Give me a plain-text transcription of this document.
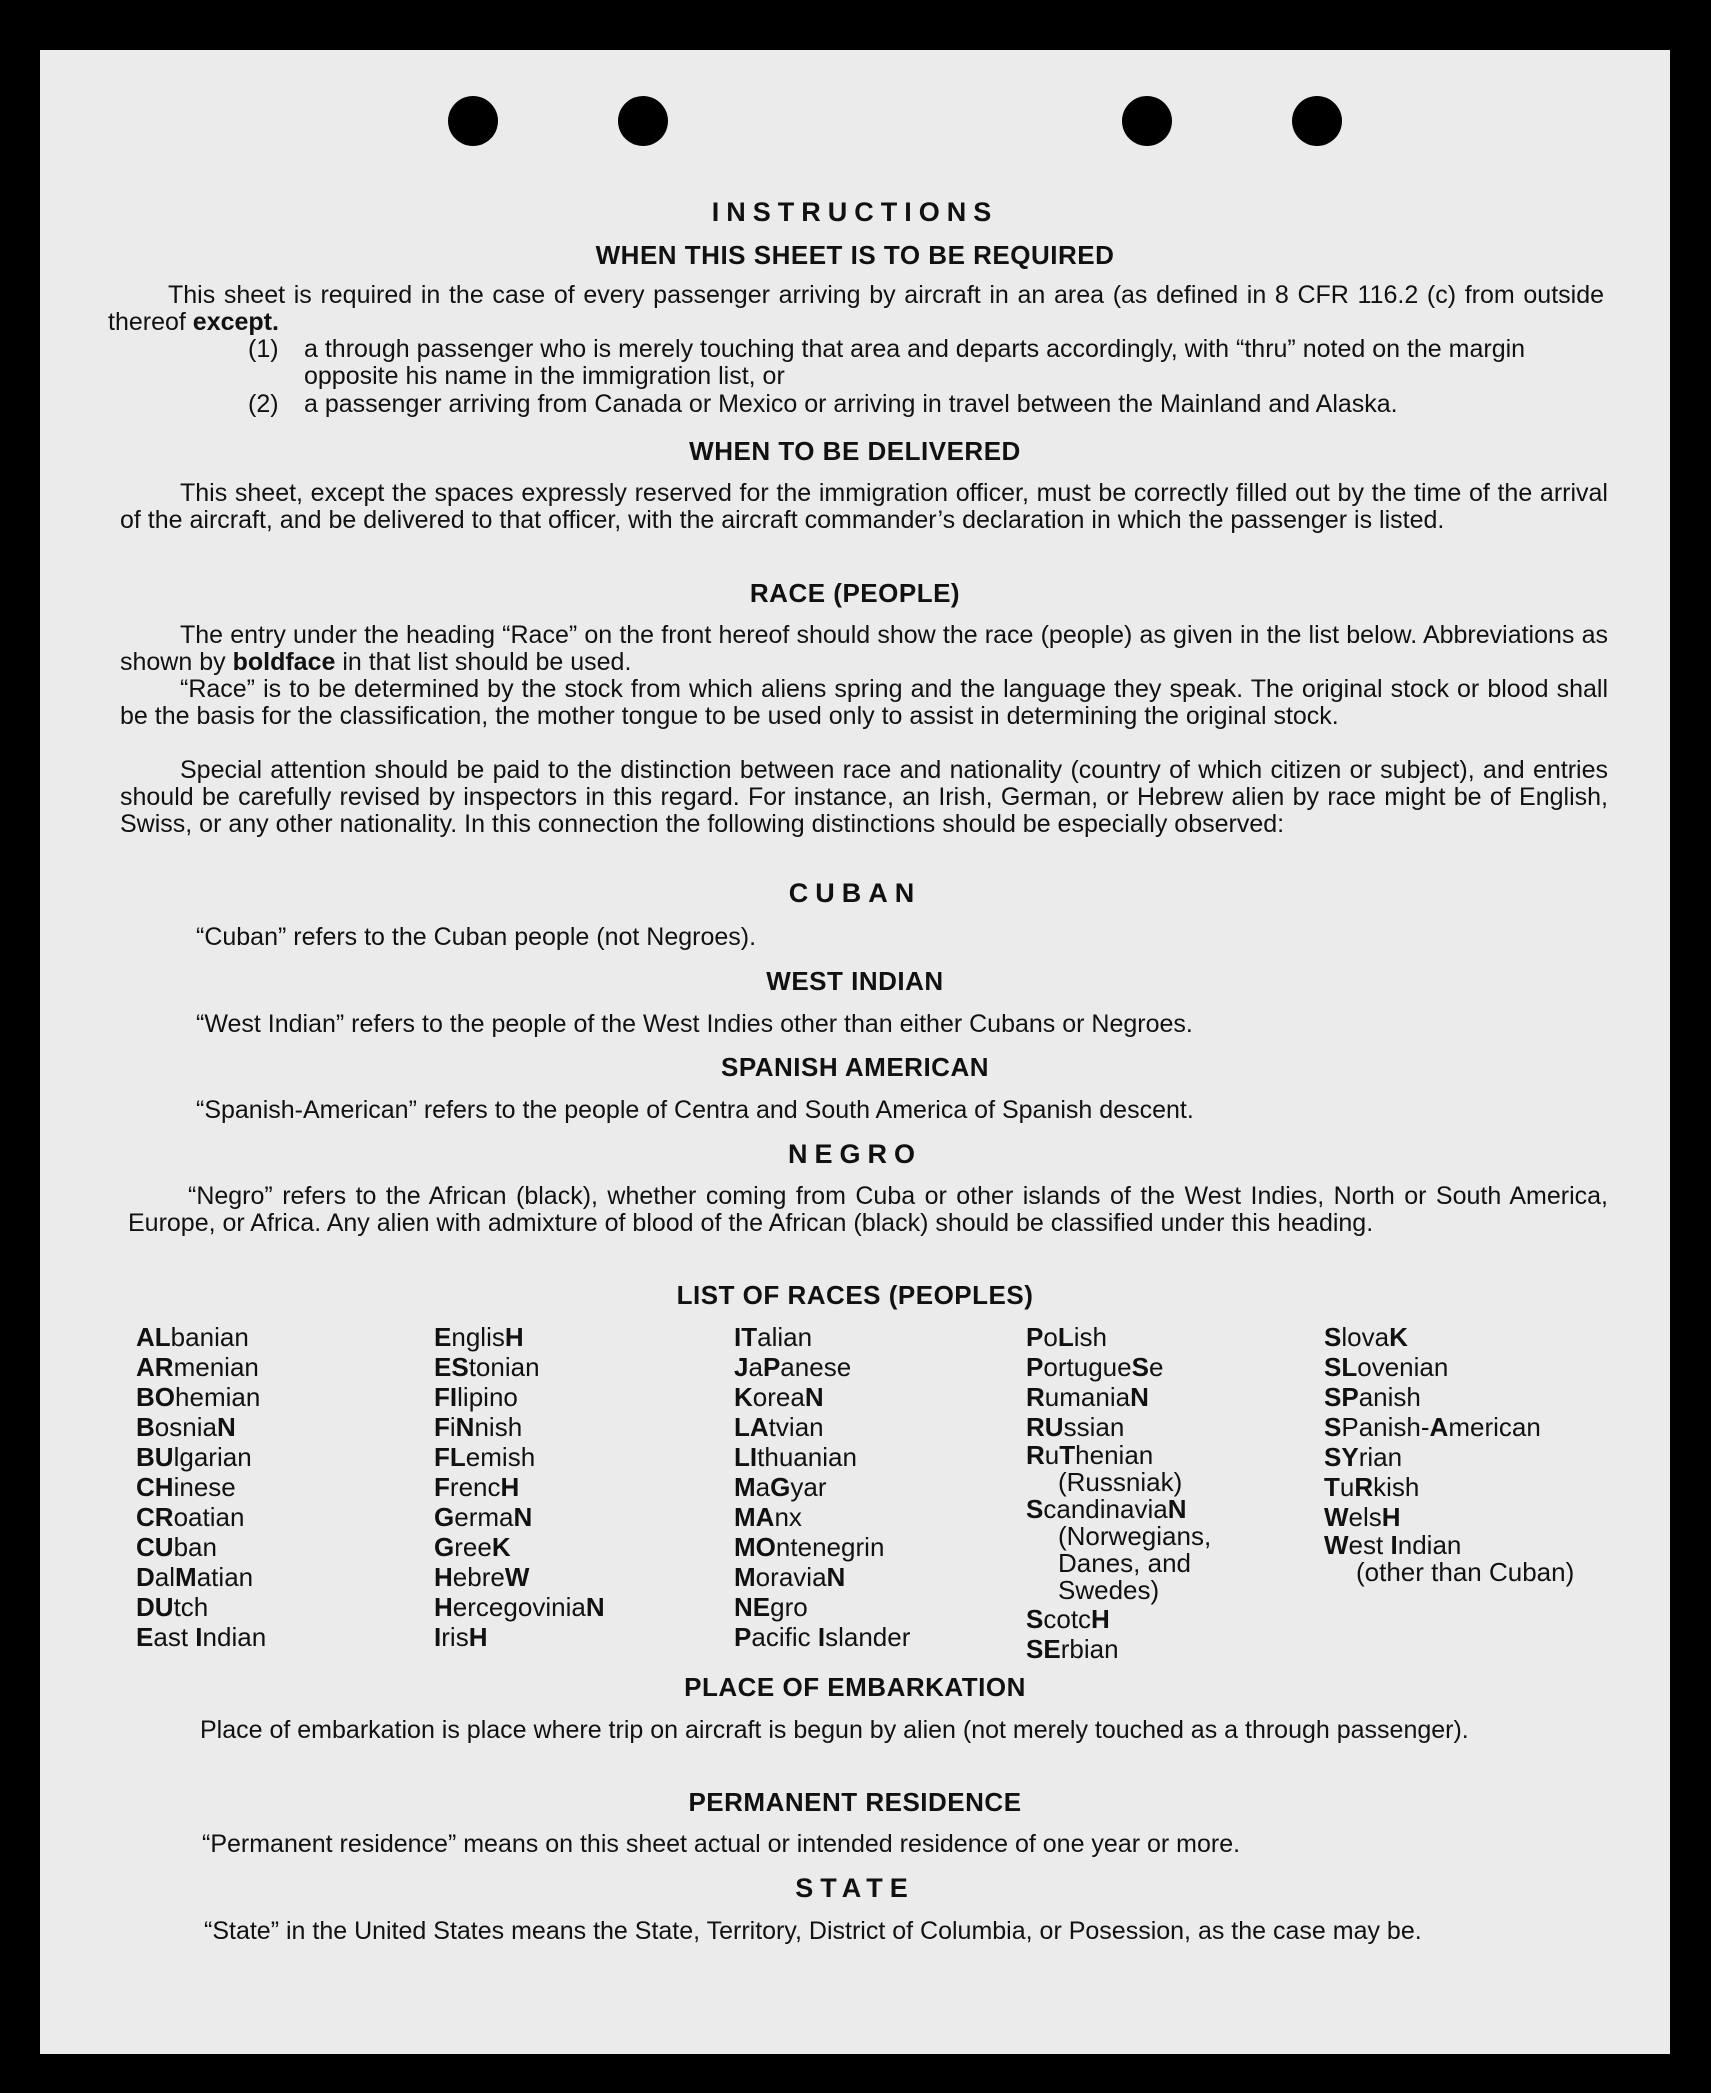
INSTRUCTIONS
WHEN THIS SHEET IS TO BE REQUIRED

This sheet is required in the case of every passenger arriving by aircraft in an area (as defined in 8 CFR 116.2 (c) from outside thereof except.

(1) a through passenger who is merely touching that area and departs accordingly, with “thru” noted on the margin opposite his name in the immigration list, or
(2) a passenger arriving from Canada or Mexico or arriving in travel between the Mainland and Alaska.
WHEN TO BE DELIVERED

This sheet, except the spaces expressly reserved for the immigration officer, must be correctly filled out by the time of the arrival of the aircraft, and be delivered to that officer, with the aircraft commander’s declaration in which the passenger is listed.

RACE (PEOPLE)

The entry under the heading “Race” on the front hereof should show the race (people) as given in the list below. Abbreviations as shown by boldface in that list should be used.

“Race” is to be determined by the stock from which aliens spring and the language they speak. The original stock or blood shall be the basis for the classification, the mother tongue to be used only to assist in determining the original stock.

Special attention should be paid to the distinction between race and nationality (country of which citizen or subject), and entries should be carefully revised by inspectors in this regard. For instance, an Irish, German, or Hebrew alien by race might be of English, Swiss, or any other nationality. In this connection the following distinctions should be especially observed:

CUBAN

“Cuban” refers to the Cuban people (not Negroes).

WEST INDIAN

“West Indian” refers to the people of the West Indies other than either Cubans or Negroes.

SPANISH AMERICAN

“Spanish-American” refers to the people of Centra and South America of Spanish descent.

NEGRO

“Negro” refers to the African (black), whether coming from Cuba or other islands of the West Indies, North or South America, Europe, or Africa. Any alien with admixture of blood of the African (black) should be classified under this heading.

LIST OF RACES (PEOPLES)
ALbanian
ARmenian
BOhemian
BosniaN
BUlgarian
CHinese
CRoatian
CUban
DalMatian
DUtch
East Indian
EnglisH
EStonian
FIlipino
FiNnish
FLemish
FrencH
GermaN
GreeK
HebreW
HercegoviniaN
IrisH
ITalian
JaPanese
KoreaN
LAtvian
LIthuanian
MaGyar
MAnx
MOntenegrin
MoraviaN
NEgro
Pacific Islander
PoLish
PortugueSe
RumaniaN
RUssian
RuThenian
(Russniak)
ScandinaviaN
(Norwegians, Danes, and Swedes)
ScotcH
SErbian
SlovaK
SLovenian
SPanish
SPanish-American
SYrian
TuRkish
WelsH
West Indian
(other than Cuban)
PLACE OF EMBARKATION

Place of embarkation is place where trip on aircraft is begun by alien (not merely touched as a through passenger).

PERMANENT RESIDENCE

“Permanent residence” means on this sheet actual or intended residence of one year or more.

STATE

“State” in the United States means the State, Territory, District of Columbia, or Posession, as the case may be.
